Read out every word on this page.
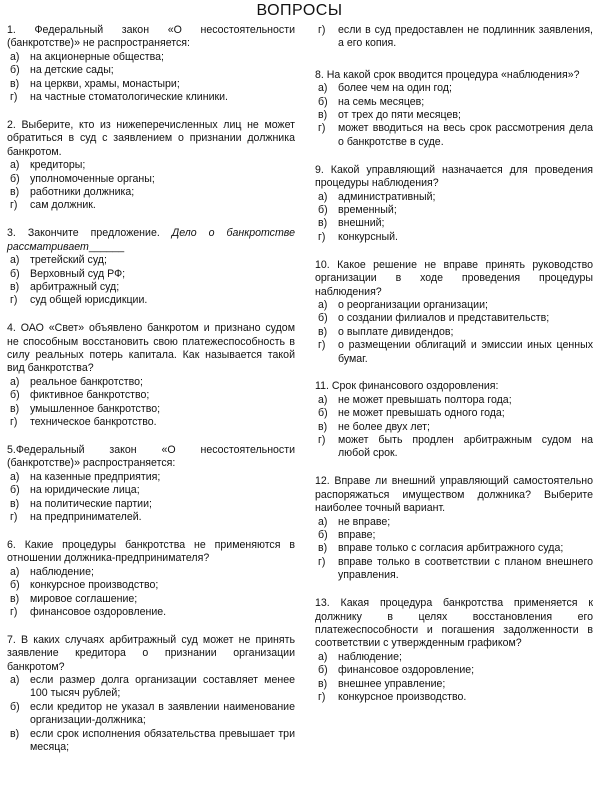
ВОПРОСЫ
1. Федеральный закон «О несостоятельности (банкротстве)» не распространяется:
а) на акционерные общества;
б) на детские сады;
в)	на церкви, храмы, монастыри;
г)	на частные стоматологические клиники.
2. Выберите, кто из нижеперечисленных лиц не может обратиться в суд с заявлением о признании должника банкротом.
а) кредиторы;
б) уполномоченные органы;
в)	работники должника;
г)	сам должник.
3. Закончите предложение. Дело о банкротстве рассматривает______
а) третейский суд;
б) Верховный суд РФ;
в)	арбитражный суд;
г)	суд общей юрисдикции.
4. ОАО «Свет» объявлено банкротом и признано судом не способным восстановить свою платежеспособность в силу реальных потерь капитала. Как называется такой вид банкротства?
а) реальное банкротство;
б) фиктивное банкротство;
в)	умышленное банкротство;
г)	техническое банкротство.
5.Федеральный закон «О несостоятельности (банкротстве)» распространяется:
а) на казенные предприятия;
б) на юридические лица;
в)	на политические партии;
г)	на предпринимателей.
6. Какие процедуры банкротства не применяются в отношении должника-предпринимателя?
а) наблюдение;
б) конкурсное производство;
в)	мировое соглашение;
г)	финансовое оздоровление.
7. В каких случаях арбитражный суд может не принять заявление кредитора о признании организации банкротом?
а) если размер долга организации составляет менее 100 тысяч рублей;
б) если кредитор не указал в заявлении наименование организации-должника;
в)	если срок исполнения обязательства превышает три месяца;
г)	если в суд предоставлен не подлинник заявления, а его копия.
8. На какой срок вводится процедура «наблюдения»?
а) более чем на один год;
б) на семь месяцев;
в)	от трех до пяти месяцев;
г)	может вводиться на весь срок рассмотрения дела о банкротстве в суде.
9. Какой управляющий назначается для проведения процедуры наблюдения?
а) административный;
б) временный;
в)	внешний;
г)	конкурсный.
10. Какое решение не вправе принять руководство организации в ходе проведения процедуры наблюдения?
а) о реорганизации организации;
б) о создании филиалов и представительств;
в)	о выплате дивидендов;
г)	о размещении облигаций и эмиссии иных ценных бумаг.
11. Срок финансового оздоровления:
а) не может превышать полтора года;
б) не может превышать одного года;
в)	не более двух лет;
г)	может быть продлен арбитражным судом на любой срок.
12. Вправе ли внешний управляющий самостоятельно распоряжаться имуществом должника? Выберите наиболее точный вариант.
а) не вправе;
б) вправе;
в)	вправе только с согласия арбитражного суда;
г)	вправе только в соответствии с планом внешнего управления.
13. Какая процедура банкротства применяется к должнику в целях восстановления его платежеспособности и погашения задолженности в соответствии с утвержденным графиком?
а) наблюдение;
б) финансовое оздоровление;
в)	внешнее управление;
г)	конкурсное производство.
